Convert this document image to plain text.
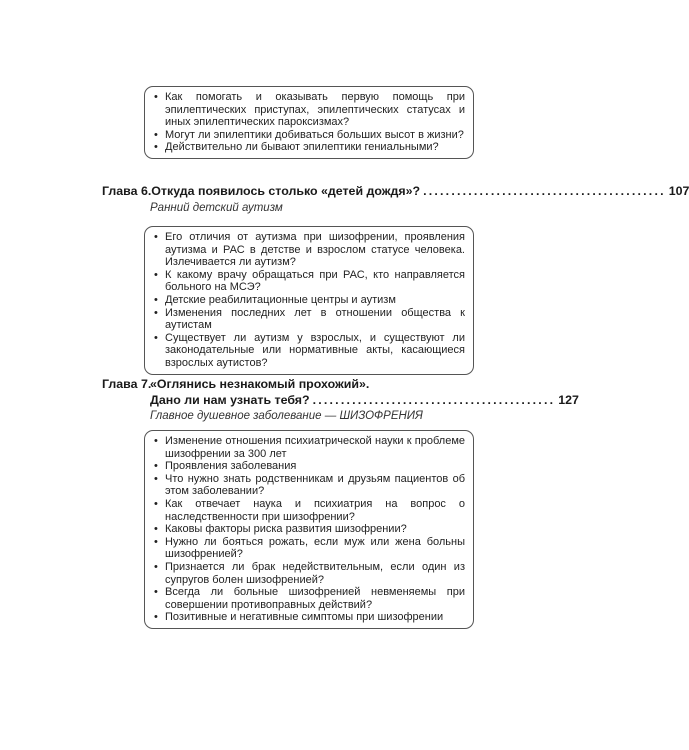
• Как помогать и оказывать первую помощь при эпилептических приступах, эпилептических статусах и иных эпилептических пароксизмах?
• Могут ли эпилептики добиваться больших высот в жизни?
• Действительно ли бывают эпилептики гениальными?
Глава 6. Откуда появилось столько «детей дождя»? ........................................... 107
Ранний детский аутизм
• Его отличия от аутизма при шизофрении, проявления аутизма и РАС в детстве и взрослом статусе человека. Излечивается ли аутизм?
• К какому врачу обращаться при РАС, кто направляется больного на МСЭ?
• Детские реабилитационные центры и аутизм
• Изменения последних лет в отношении общества к аутистам
• Существует ли аутизм у взрослых, и существуют ли законодательные или нормативные акты, касающиеся взрослых аутистов?
Глава 7.
«Оглянись незнакомый прохожий».
Дано ли нам узнать тебя? ........................................... 127
Главное душевное заболевание — ШИЗОФРЕНИЯ
• Изменение отношения психиатрической науки к проблеме шизофрении за 300 лет
• Проявления заболевания
• Что нужно знать родственникам и друзьям пациентов об этом заболевании?
• Как отвечает наука и психиатрия на вопрос о наследственности при шизофрении?
• Каковы факторы риска развития шизофрении?
• Нужно ли бояться рожать, если муж или жена больны шизофренией?
• Признается ли брак недействительным, если один из супругов болен шизофренией?
• Всегда ли больные шизофренией невменяемы при совершении противоправных действий?
• Позитивные и негативные симптомы при шизофрении
